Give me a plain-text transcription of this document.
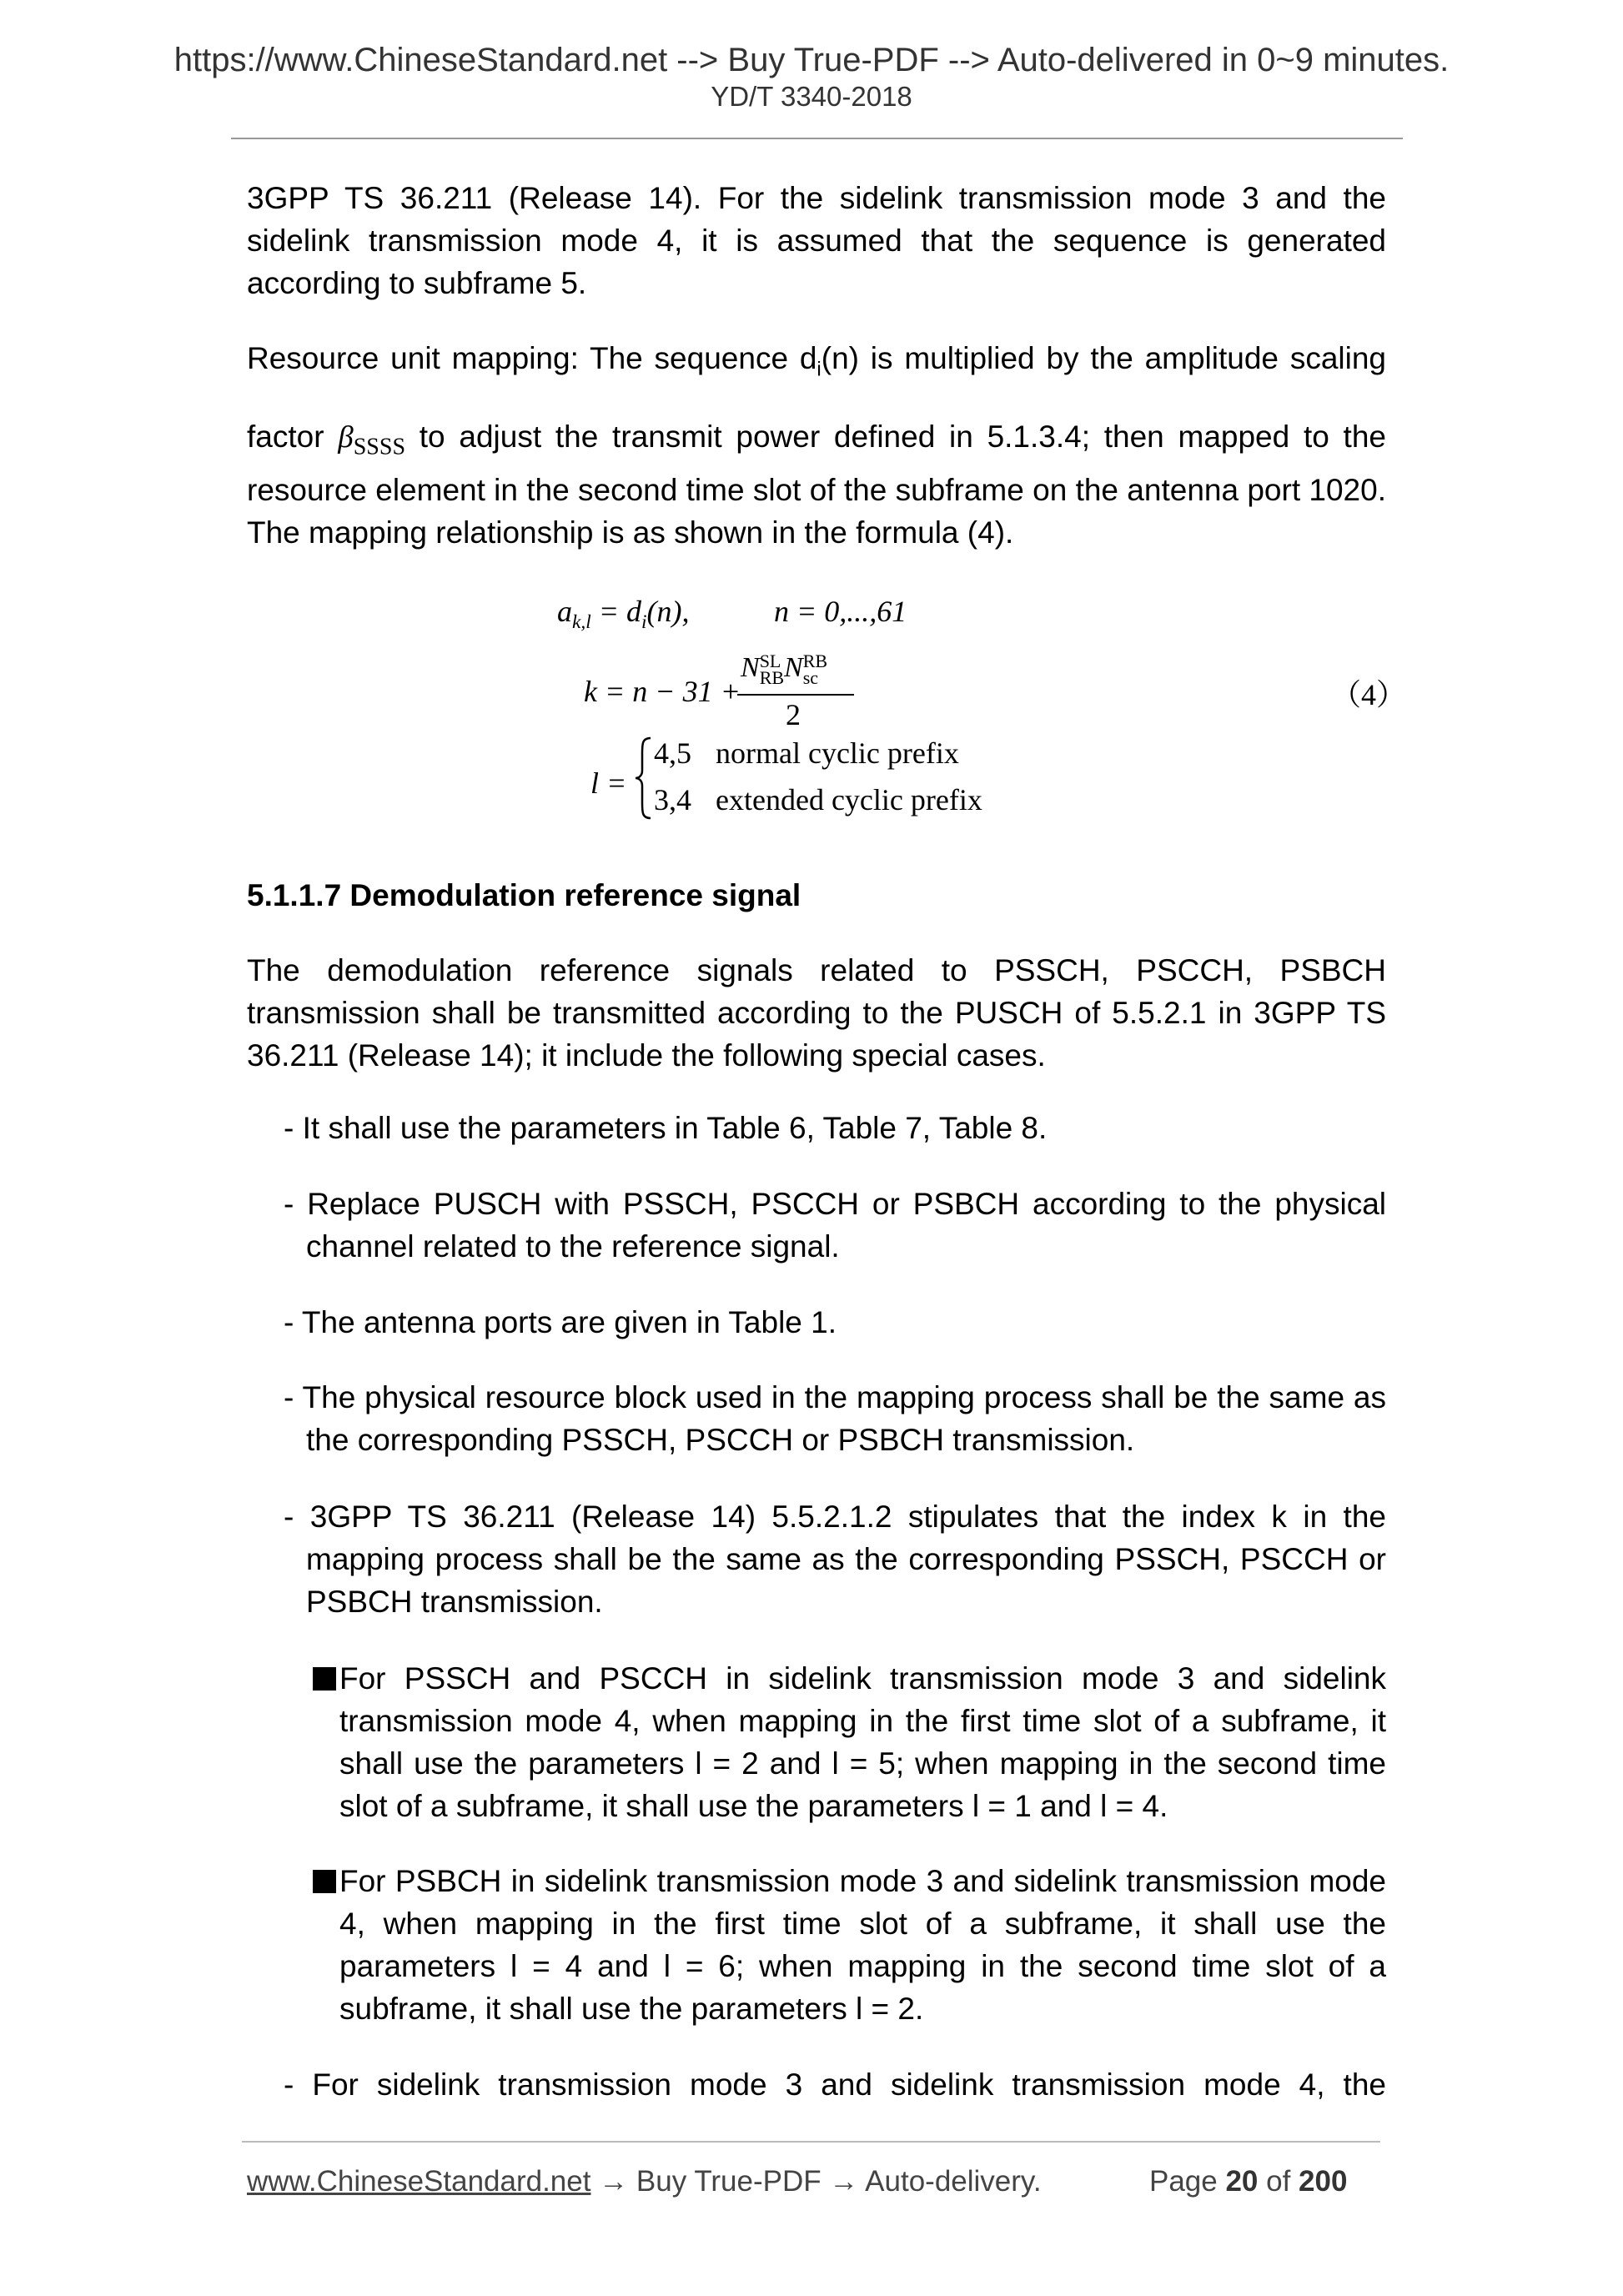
https://www.ChineseStandard.net --> Buy True-PDF --> Auto-delivered in 0~9 minutes.
YD/T 3340-2018
3GPP TS 36.211 (Release 14). For the sidelink transmission mode 3 and the sidelink transmission mode 4, it is assumed that the sequence is generated according to subframe 5.
Resource unit mapping: The sequence $d_i(n)$ is multiplied by the amplitude scaling factor $\beta_{SSSS}$ to adjust the transmit power defined in 5.1.3.4; then mapped to the resource element in the second time slot of the subframe on the antenna port 1020. The mapping relationship is as shown in the formula (4).
$a_{k,l} = d_i(n)$,	n = 0,...,61
k = n − 31 +
N SL
RB N RB
sc
2
（4）
l =
4,5 normal cyclic prefix
3,4 extended cyclic prefix
5.1.1.7 Demodulation reference signal
The demodulation reference signals related to PSSCH, PSCCH, PSBCH transmission shall be transmitted according to the PUSCH of 5.5.2.1 in 3GPP TS 36.211 (Release 14); it include the following special cases.
- It shall use the parameters in Table 6, Table 7, Table 8.
- Replace PUSCH with PSSCH, PSCCH or PSBCH according to the physical channel related to the reference signal.
- The antenna ports are given in Table 1.
- The physical resource block used in the mapping process shall be the same as the corresponding PSSCH, PSCCH or PSBCH transmission.
- 3GPP TS 36.211 (Release 14) 5.5.2.1.2 stipulates that the index k in the mapping process shall be the same as the corresponding PSSCH, PSCCH or PSBCH transmission.
For PSSCH and PSCCH in sidelink transmission mode 3 and sidelink transmission mode 4, when mapping in the first time slot of a subframe, it shall use the parameters l = 2 and l = 5; when mapping in the second time slot of a subframe, it shall use the parameters l = 1 and l = 4.
For PSBCH in sidelink transmission mode 3 and sidelink transmission mode 4, when mapping in the first time slot of a subframe, it shall use the parameters l = 4 and l = 6; when mapping in the second time slot of a subframe, it shall use the parameters l = 2.
- For sidelink transmission mode 3 and sidelink transmission mode 4, the
www.ChineseStandard.net → Buy True-PDF → Auto-delivery.	Page 20 of 200
